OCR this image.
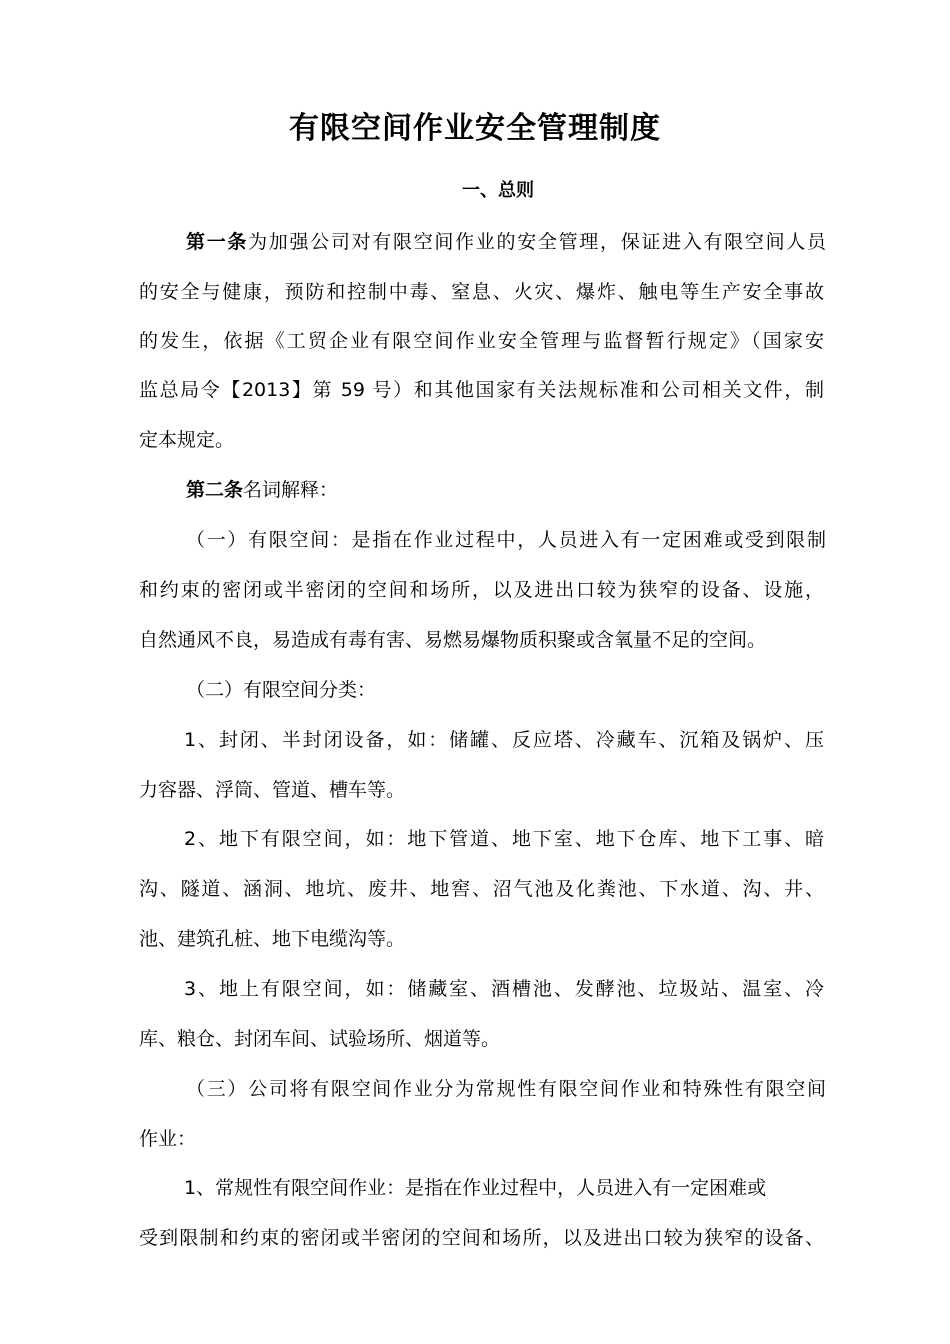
有限空间作业安全管理制度
一、总则
第一条为加强公司对有限空间作业的安全管理，保证进入有限空间人员
的安全与健康，预防和控制中毒、窒息、火灾、爆炸、触电等生产安全事故
的发生，依据《工贸企业有限空间作业安全管理与监督暂行规定》（国家安
监总局令【2013】第 59 号）和其他国家有关法规标准和公司相关文件，制
定本规定。
第二条名词解释：
（一）有限空间：是指在作业过程中，人员进入有一定困难或受到限制
和约束的密闭或半密闭的空间和场所，以及进出口较为狭窄的设备、设施，
自然通风不良，易造成有毒有害、易燃易爆物质积聚或含氧量不足的空间。
（二）有限空间分类：
1、封闭、半封闭设备，如：储罐、反应塔、冷藏车、沉箱及锅炉、压
力容器、浮筒、管道、槽车等。
2、地下有限空间，如：地下管道、地下室、地下仓库、地下工事、暗
沟、隧道、涵洞、地坑、废井、地窖、沼气池及化粪池、下水道、沟、井、
池、建筑孔桩、地下电缆沟等。
3、地上有限空间，如：储藏室、酒槽池、发酵池、垃圾站、温室、冷
库、粮仓、封闭车间、试验场所、烟道等。
（三）公司将有限空间作业分为常规性有限空间作业和特殊性有限空间
作业：
1、常规性有限空间作业：是指在作业过程中，人员进入有一定困难或
受到限制和约束的密闭或半密闭的空间和场所，以及进出口较为狭窄的设备、
